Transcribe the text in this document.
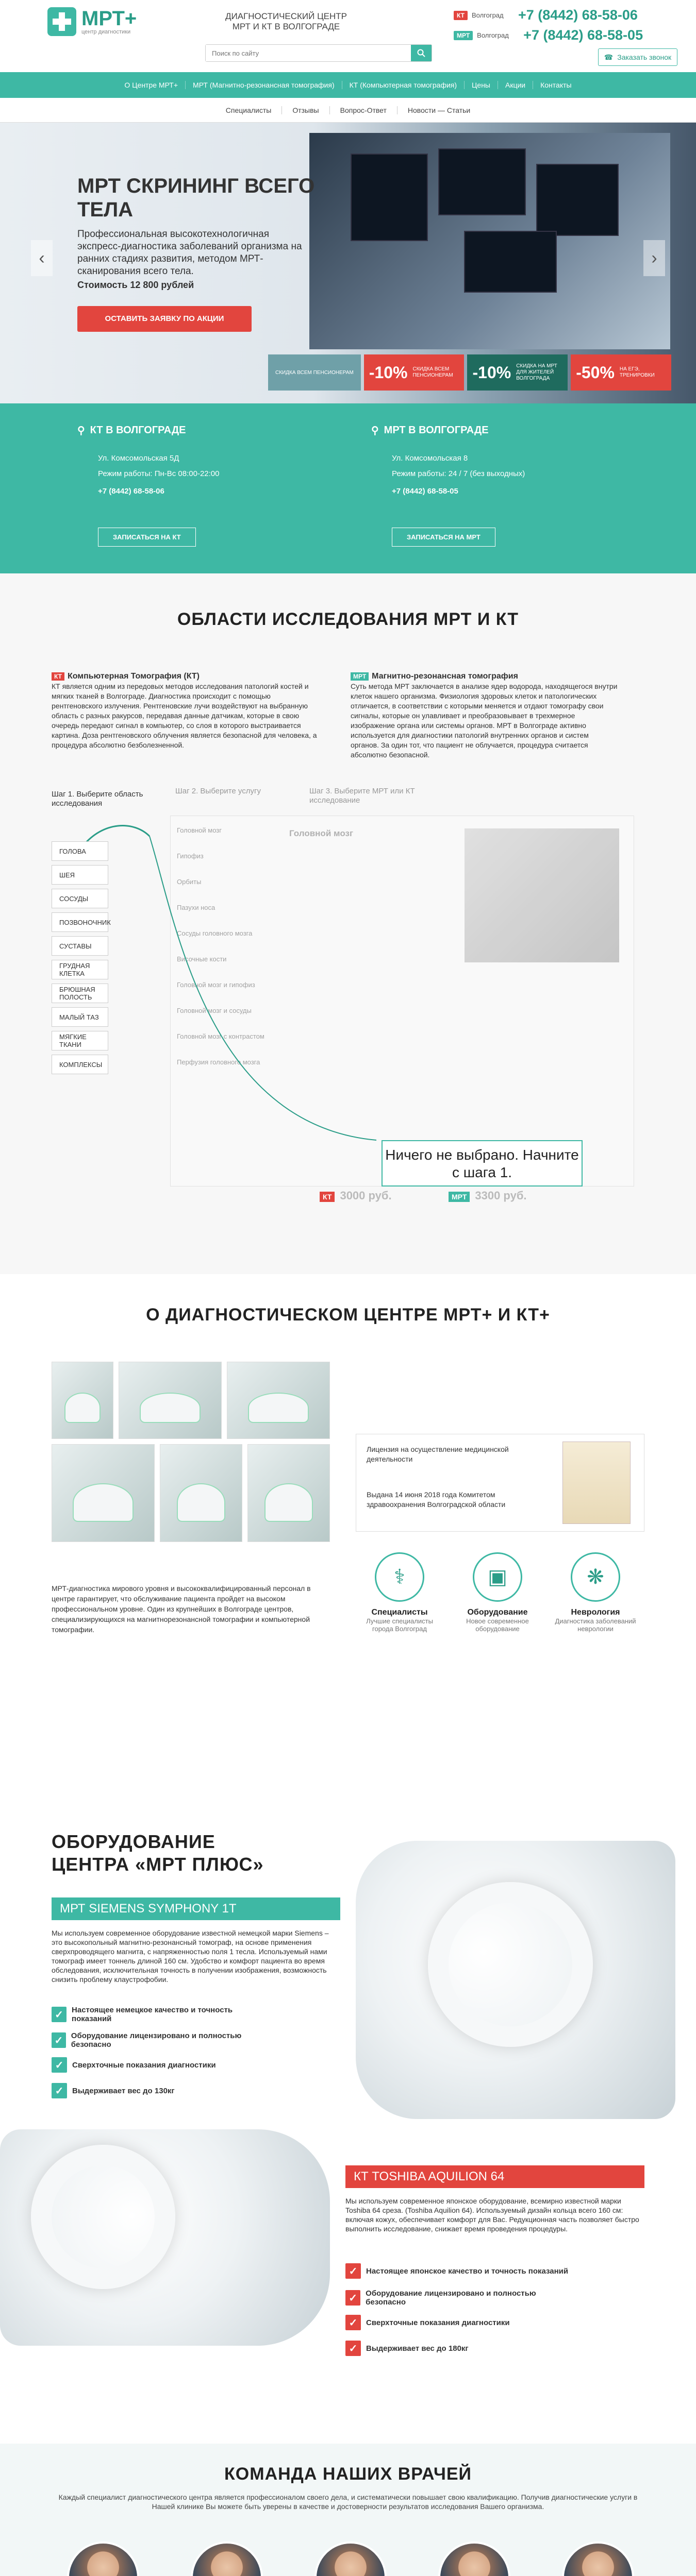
МРТ+
центр диагностики
ДИАГНОСТИЧЕСКИЙ ЦЕНТР МРТ И КТ В ВОЛГОГРАДЕ
Поиск по сайту
КТ	Волгоград	+7 (8442) 68-58-06
МРТ	Волгоград	+7 (8442) 68-58-05
☎ Заказать звонок
О Центре МРТ+	МРТ (Магнитно-резонансная томография)	КТ (Компьютерная томография)	Цены	Акции	Контакты
Специалисты	Отзывы	Вопрос-Ответ	Новости — Статьи
‹	›
МРТ СКРИНИНГ ВСЕГО ТЕЛА
Профессиональная высокотехнологичная экспресс-диагностика заболеваний организма на ранних стадиях развития, методом МРТ-сканирования всего тела.
Стоимость 12 800 рублей
ОСТАВИТЬ ЗАЯВКУ ПО АКЦИИ
СКИДКА ВСЕМ ПЕНСИОНЕРАМ -10%	СКИДКА ВСЕМ ПЕНСИОНЕРАМ	-10%	СКИДКА НА МРТ ДЛЯ ЖИТЕЛЕЙ ВОЛГОГРАДА	-50%	НА ЕГЭ, ТРЕНИРОВКИ
⚲ КТ В ВОЛГОГРАДЕ

Ул. Комсомольская 5Д

Режим работы: Пн-Вс 08:00-22:00

+7 (8442) 68-58-06

ЗАПИСАТЬСЯ НА КТ
⚲ МРТ В ВОЛГОГРАДЕ

Ул. Комсомольская 8

Режим работы: 24 / 7 (без выходных)

+7 (8442) 68-58-05

ЗАПИСАТЬСЯ НА МРТ
ОБЛАСТИ ИССЛЕДОВАНИЯ МРТ И КТ

КТ Компьютерная Томография (КТ)

КТ является одним из передовых методов исследования патологий костей и мягких тканей в Волгограде. Диагностика происходит с помощью рентгеновского излучения. Рентгеновские лучи воздействуют на выбранную область с разных ракурсов, передавая данные датчикам, которые в свою очередь передают сигнал в компьютер, со слоя в которого выстраивается картина. Доза рентгеновского облучения является безопасной для человека, а процедура абсолютно безболезненной.

МРТ Магнитно-резонансная томография

Суть метода МРТ заключается в анализе ядер водорода, находящегося внутри клеток нашего организма. Физиология здоровых клеток и патологических отличается, в соответствии с которыми меняется и отдают томографу свои сигналы, которые он улавливает и преобразовывает в трехмерное изображение органа или системы органов. МРТ в Волгограде активно используется для диагностики патологий внутренних органов и систем органов. За один тот, что пациент не облучается, процедура считается абсолютно безопасной.

Шаг 1. Выберите область исследования
Шаг 2. Выберите услугу	Шаг 3. Выберите МРТ или КТ исследование
Головной мозг
Гипофиз
Орбиты
Пазухи носа
Сосуды головного мозга
Височные кости
Головной мозг и гипофиз
Головной мозг и сосуды
Головной мозг с контрастом
Перфузия головного мозга
Головной мозг
ГОЛОВА
ШЕЯ
СОСУДЫ
ПОЗВОНОЧНИК
СУСТАВЫ
ГРУДНАЯ КЛЕТКА
БРЮШНАЯ ПОЛОСТЬ
МАЛЫЙ ТАЗ
МЯГКИЕ ТКАНИ
КОМПЛЕКСЫ
Ничего не выбрано. Начните с шага 1.
КТ 3000 руб.	МРТ 3300 руб.
О ДИАГНОСТИЧЕСКОМ ЦЕНТРЕ МРТ+ И КТ+
МРТ-диагностика мирового уровня и высококвалифицированный персонал в центре гарантирует, что обслуживание пациента пройдет на высоком профессиональном уровне. Один из крупнейших в Волгограде центров, специализирующихся на магнитнорезонансной томографии и компьютерной томографии.

Лицензия на осуществление медицинской деятельности

Выдана 14 июня 2018 года Комитетом здравоохранения Волгоградской области

⚕
Специалисты
Лучшие специалисты города Волгоград
▣
Оборудование
Новое современное оборудование
❋
Неврология
Диагностика заболеваний неврологии
ОБОРУДОВАНИЕ ЦЕНТРА «МРТ ПЛЮС»
МРТ SIEMENS SYMPHONY 1T
Мы используем современное оборудование известной немецкой марки Siemens – это высокопольный магнитно-резонансный томограф, на основе применения сверхпроводящего магнита, с напряженностью поля 1 тесла. Используемый нами томограф имеет тоннель длиной 160 см. Удобство и комфорт пациента во время обследования, исключительная точность в получении изображения, возможность снизить проблему клаустрофобии.
✓	Настоящее немецкое качество и точность показаний
✓	Оборудование лицензировано и полностью безопасно
✓	Сверхточные показания диагностики
✓	Выдерживает вес до 130кг
КТ TOSHIBA AQUILION 64
Мы используем современное японское оборудование, всемирно известной марки Toshiba 64 среза. (Toshiba Aquilion 64). Используемый дизайн кольца всего 160 см: включая кожух, обеспечивает комфорт для Вас. Редукционная часть позволяет быстро выполнить исследование, снижает время проведения процедуры.
✓	Настоящее японское качество и точность показаний
✓	Оборудование лицензировано и полностью безопасно
✓	Сверхточные показания диагностики
✓	Выдерживает вес до 180кг
КОМАНДА НАШИХ ВРАЧЕЙ

Каждый специалист диагностического центра является профессионалом своего дела, и систематически повышает свою квалификацию. Получив диагностические услуги в Нашей клинике Вы можете быть уверены в качестве и достоверности результатов исследования Вашего организма.
